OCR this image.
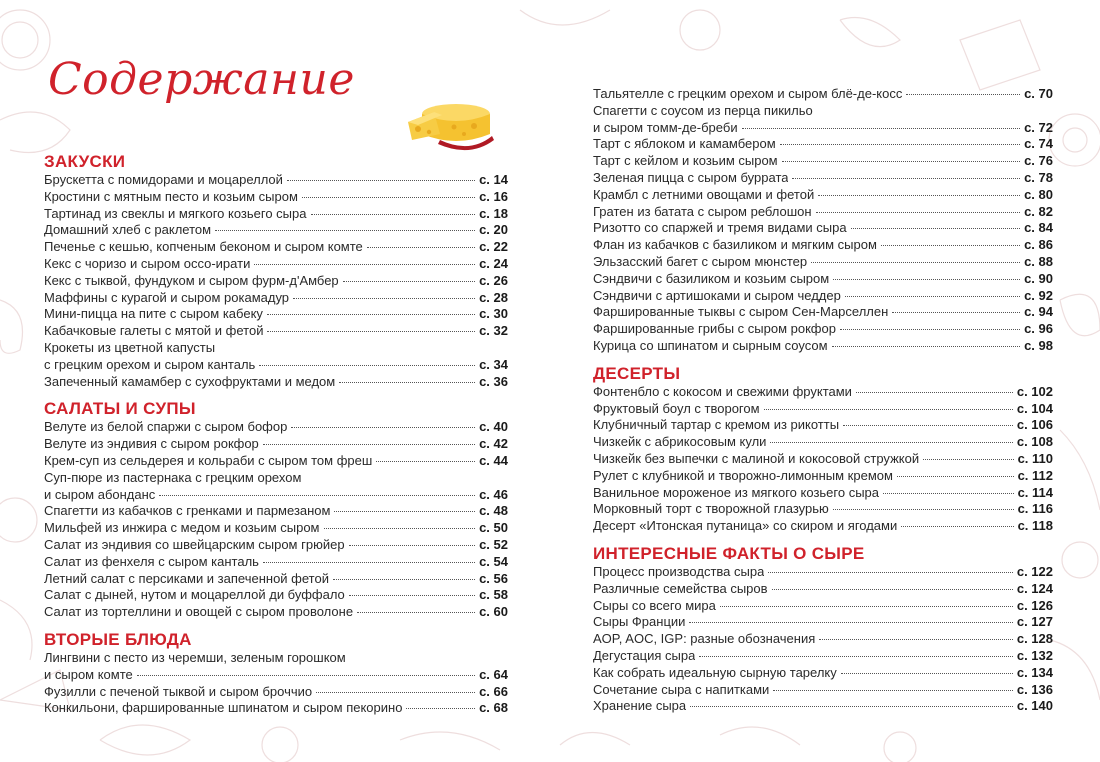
Содержание
ЗАКУСКИ
Брускетта с помидорами и моцареллой	с. 14
Кростини с мятным песто и козьим сыром	с. 16
Тартинад из свеклы и мягкого козьего сыра	с. 18
Домашний хлеб с раклетом	с. 20
Печенье с кешью, копченым беконом и сыром комте	с. 22
Кекс с чоризо и сыром оссо-ирати	с. 24
Кекс с тыквой, фундуком и сыром фурм-д'Амбер	с. 26
Маффины с курагой и сыром рокамадур	с. 28
Мини-пицца на пите с сыром кабеку	с. 30
Кабачковые галеты с мятой и фетой	с. 32
Крокеты из цветной капусты
с грецким орехом и сыром канталь	с. 34
Запеченный камамбер с сухофруктами и медом	с. 36
САЛАТЫ И СУПЫ
Велуте из белой спаржи с сыром бофор	с. 40
Велуте из эндивия с сыром рокфор	с. 42
Крем-суп из сельдерея и кольраби с сыром том фреш	с. 44
Суп-пюре из пастернака с грецким орехом
и сыром абонданс	с. 46
Спагетти из кабачков с гренками и пармезаном	с. 48
Мильфей из инжира с медом и козьим сыром	с. 50
Салат из эндивия со швейцарским сыром грюйер	с. 52
Салат из фенхеля с сыром канталь	с. 54
Летний салат с персиками и запеченной фетой	с. 56
Салат с дыней, нутом и моцареллой ди буффало	с. 58
Салат из тортеллини и овощей с сыром проволоне	с. 60
ВТОРЫЕ БЛЮДА
Лингвини с песто из черемши, зеленым горошком
и сыром комте	с. 64
Фузилли с печеной тыквой и сыром броччио	с. 66
Конкильони, фаршированные шпинатом и сыром пекорино	с. 68
Тальятелле с грецким орехом и сыром блё-де-косс	с. 70
Спагетти с соусом из перца пикильо
и сыром томм-де-бреби	с. 72
Тарт с яблоком и камамбером	с. 74
Тарт с кейлом и козьим сыром	с. 76
Зеленая пицца с сыром буррата	с. 78
Крамбл с летними овощами и фетой	с. 80
Гратен из батата с сыром реблошон	с. 82
Ризотто со спаржей и тремя видами сыра	с. 84
Флан из кабачков с базиликом и мягким сыром	с. 86
Эльзасский багет с сыром мюнстер	с. 88
Сэндвичи с базиликом и козьим сыром	с. 90
Сэндвичи с артишоками и сыром чеддер	с. 92
Фаршированные тыквы с сыром Сен-Марселлен	с. 94
Фаршированные грибы с сыром рокфор	с. 96
Курица со шпинатом и сырным соусом	с. 98
ДЕСЕРТЫ
Фонтенбло с кокосом и свежими фруктами	с. 102
Фруктовый боул с творогом	с. 104
Клубничный тартар с кремом из рикотты	с. 106
Чизкейк с абрикосовым кули	с. 108
Чизкейк без выпечки с малиной и кокосовой стружкой	с. 110
Рулет с клубникой и творожно-лимонным кремом	с. 112
Ванильное мороженое из мягкого козьего сыра	с. 114
Морковный торт с творожной глазурью	с. 116
Десерт «Итонская путаница» со скиром и ягодами	с. 118
ИНТЕРЕСНЫЕ ФАКТЫ О СЫРЕ
Процесс производства сыра	с. 122
Различные семейства сыров	с. 124
Сыры со всего мира	с. 126
Сыры Франции	с. 127
AOP, AOC, IGP: разные обозначения	с. 128
Дегустация сыра	с. 132
Как собрать идеальную сырную тарелку	с. 134
Сочетание сыра с напитками	с. 136
Хранение сыра	с. 140
